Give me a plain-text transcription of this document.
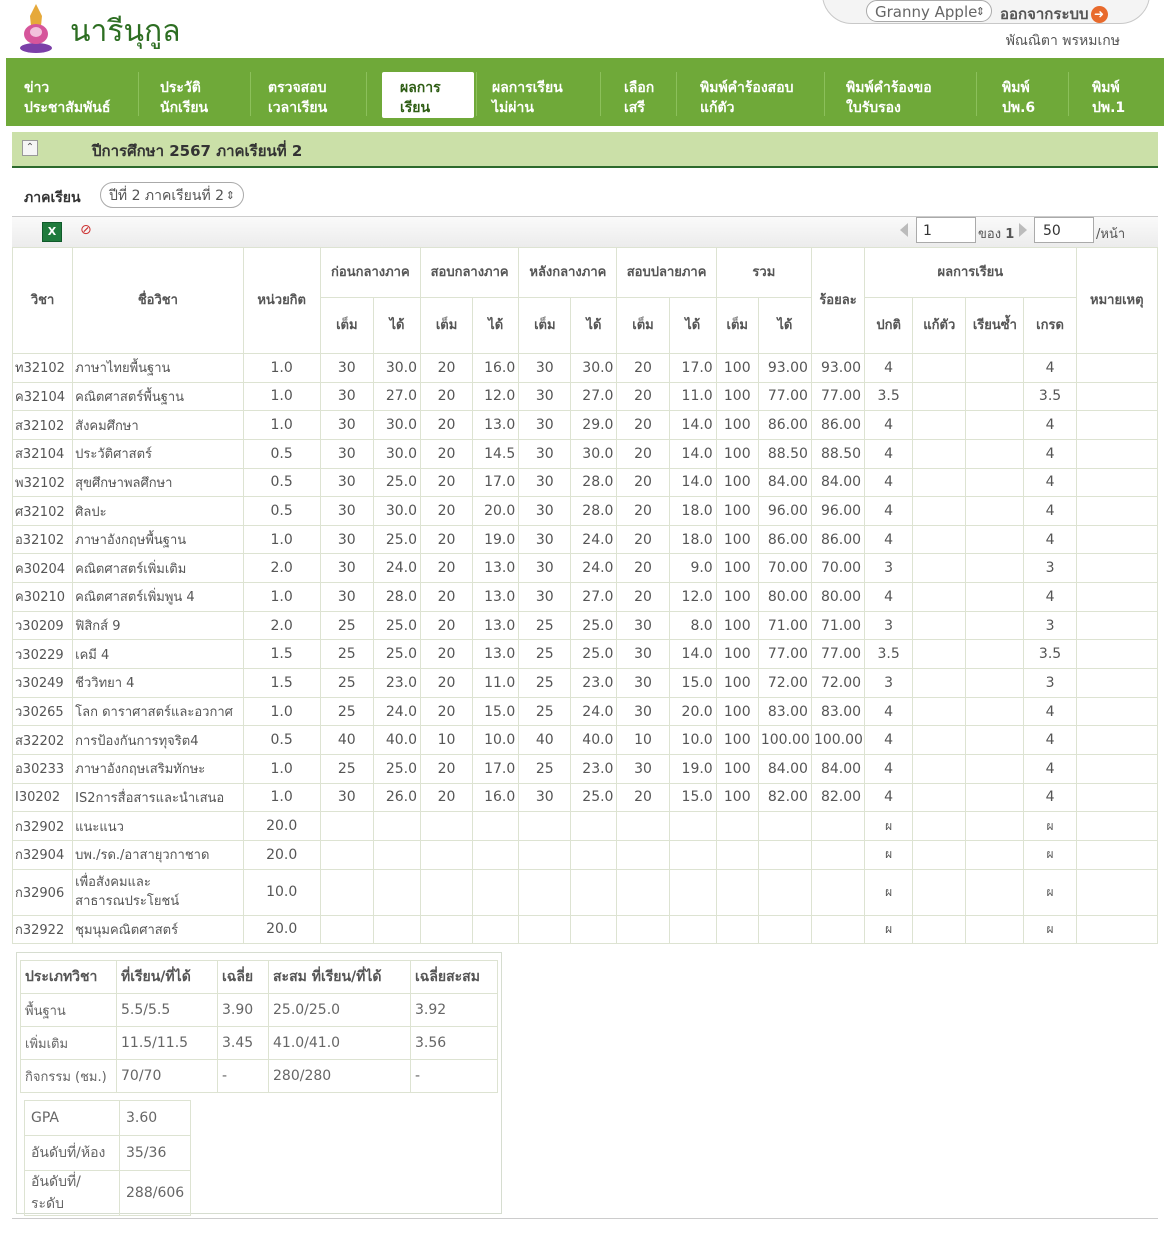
นารีนุกูล
Granny Apple
⇕ ออกจากระบบ ➜
พัณณิตา พรหมเกษ
ข่าว
ประชาสัมพันธ์
ประวัติ
นักเรียน
ตรวจสอบ
เวลาเรียน
ผลการ
เรียน
ผลการเรียน
ไม่ผ่าน
เลือก
เสรี
พิมพ์คำร้องสอบ
แก้ตัว
พิมพ์คำร้องขอ
ใบรับรอง
พิมพ์
ปพ.6
พิมพ์
ปพ.1
⌃	ปีการศึกษา 2567 ภาคเรียนที่ 2
ภาคเรียน	ปีที่ 2 ภาคเรียนที่ 2 ⇕
X	⊘	1	ของ 1	50	/หน้า
วิชา	ชื่อวิชา	หน่วยกิต	ก่อนกลางภาค		สอบกลางภาค		หลังกลางภาค		สอบปลายภาค		รวม		ร้อยละ	ผลการเรียน				หมายเหตุ
			เต็ม	ได้	เต็ม	ได้	เต็ม	ได้	เต็ม	ได้	เต็ม	ได้		ปกติ	แก้ตัว	เรียนซ้ำ	เกรด	
ท32102	ภาษาไทยพื้นฐาน	1.0	30	30.0	20	16.0	30	30.0	20	17.0	100	93.00	93.00	4			4	
ค32104	คณิตศาสตร์พื้นฐาน	1.0	30	27.0	20	12.0	30	27.0	20	11.0	100	77.00	77.00	3.5			3.5	
ส32102	สังคมศึกษา	1.0	30	30.0	20	13.0	30	29.0	20	14.0	100	86.00	86.00	4			4	
ส32104	ประวัติศาสตร์	0.5	30	30.0	20	14.5	30	30.0	20	14.0	100	88.50	88.50	4			4	
พ32102	สุขศึกษาพลศึกษา	0.5	30	25.0	20	17.0	30	28.0	20	14.0	100	84.00	84.00	4			4	
ศ32102	ศิลปะ	0.5	30	30.0	20	20.0	30	28.0	20	18.0	100	96.00	96.00	4			4	
อ32102	ภาษาอังกฤษพื้นฐาน	1.0	30	25.0	20	19.0	30	24.0	20	18.0	100	86.00	86.00	4			4	
ค30204	คณิตศาสตร์เพิ่มเติม	2.0	30	24.0	20	13.0	30	24.0	20	9.0	100	70.00	70.00	3			3	
ค30210	คณิตศาสตร์เพิ่มพูน 4	1.0	30	28.0	20	13.0	30	27.0	20	12.0	100	80.00	80.00	4			4	
ว30209	ฟิสิกส์ 9	2.0	25	25.0	20	13.0	25	25.0	30	8.0	100	71.00	71.00	3			3	
ว30229	เคมี 4	1.5	25	25.0	20	13.0	25	25.0	30	14.0	100	77.00	77.00	3.5			3.5	
ว30249	ชีววิทยา 4	1.5	25	23.0	20	11.0	25	23.0	30	15.0	100	72.00	72.00	3			3	
ว30265	โลก ดาราศาสตร์และอวกาศ	1.0	25	24.0	20	15.0	25	24.0	30	20.0	100	83.00	83.00	4			4	
ส32202	การป้องกันการทุจริต4	0.5	40	40.0	10	10.0	40	40.0	10	10.0	100	100.00	100.00	4			4	
อ30233	ภาษาอังกฤษเสริมทักษะ	1.0	25	25.0	20	17.0	25	23.0	30	19.0	100	84.00	84.00	4			4	
I30202	IS2การสื่อสารและนำเสนอ	1.0	30	26.0	20	16.0	30	25.0	20	15.0	100	82.00	82.00	4			4	
ก32902	แนะแนว	20.0												ผ			ผ	
ก32904	บพ./รด./อาสายุวกาชาด	20.0												ผ			ผ	
ก32906	เพื่อสังคมและสาธารณประโยชน์	10.0												ผ			ผ	
ก32922	ชุมนุมคณิตศาสตร์	20.0												ผ			ผ	
ประเภทวิชา	ที่เรียน/ที่ได้	เฉลี่ย	สะสม ที่เรียน/ที่ได้	เฉลี่ยสะสม
พื้นฐาน	5.5/5.5	3.90	25.0/25.0	3.92
เพิ่มเติม	11.5/11.5	3.45	41.0/41.0	3.56
กิจกรรม (ชม.)	70/70	-	280/280	-
GPA	3.60
อันดับที่/ห้อง	35/36
อันดับที่/ระดับ	288/606
